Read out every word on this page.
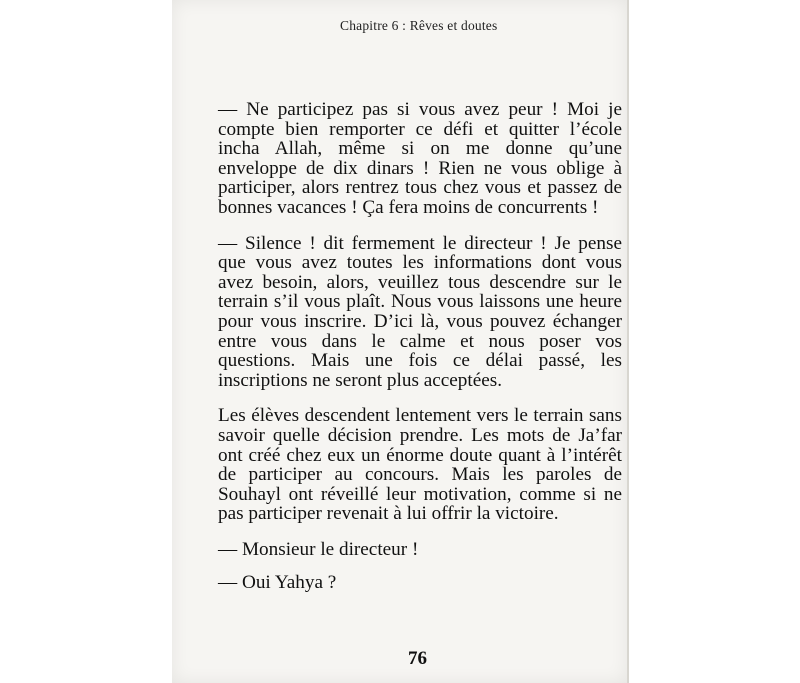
Chapitre 6 : Rêves et doutes

— Ne participez pas si vous avez peur ! Moi je compte bien remporter ce défi et quitter l’école incha Allah, même si on me donne qu’une enveloppe de dix dinars ! Rien ne vous oblige à participer, alors rentrez tous chez vous et passez de bonnes vacances ! Ça fera moins de concurrents !

— Silence ! dit fermement le directeur ! Je pense que vous avez toutes les informations dont vous avez besoin, alors, veuillez tous descendre sur le terrain s’il vous plaît. Nous vous laissons une heure pour vous inscrire. D’ici là, vous pouvez échanger entre vous dans le calme et nous poser vos questions. Mais une fois ce délai passé, les inscriptions ne seront plus acceptées.

Les élèves descendent lentement vers le terrain sans savoir quelle décision prendre. Les mots de Ja’far ont créé chez eux un énorme doute quant à l’intérêt de participer au concours. Mais les paroles de Souhayl ont réveillé leur motivation, comme si ne pas participer revenait à lui offrir la victoire.

— Monsieur le directeur !

— Oui Yahya ?

76
